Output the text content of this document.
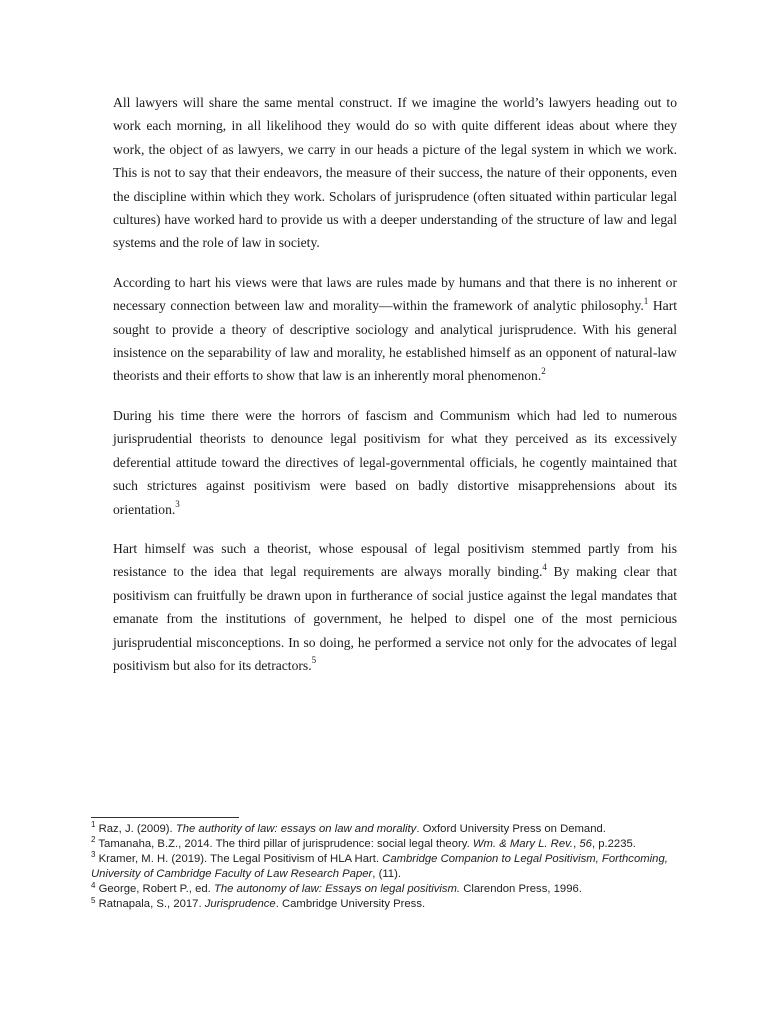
All lawyers will share the same mental construct. If we imagine the world’s lawyers heading out to work each morning, in all likelihood they would do so with quite different ideas about where they work, the object of as lawyers, we carry in our heads a picture of the legal system in which we work. This is not to say that their endeavors, the measure of their success, the nature of their opponents, even the discipline within which they work. Scholars of jurisprudence (often situated within particular legal cultures) have worked hard to provide us with a deeper understanding of the structure of law and legal systems and the role of law in society.

According to hart his views were that laws are rules made by humans and that there is no inherent or necessary connection between law and morality—within the framework of analytic philosophy.$^1$ Hart sought to provide a theory of descriptive sociology and analytical jurisprudence. With his general insistence on the separability of law and morality, he established himself as an opponent of natural-law theorists and their efforts to show that law is an inherently moral phenomenon.$^2$

During his time there were the horrors of fascism and Communism which had led to numerous jurisprudential theorists to denounce legal positivism for what they perceived as its excessively deferential attitude toward the directives of legal-governmental officials, he cogently maintained that such strictures against positivism were based on badly distortive misapprehensions about its orientation.$^3$

Hart himself was such a theorist, whose espousal of legal positivism stemmed partly from his resistance to the idea that legal requirements are always morally binding.$^4$ By making clear that positivism can fruitfully be drawn upon in furtherance of social justice against the legal mandates that emanate from the institutions of government, he helped to dispel one of the most pernicious jurisprudential misconceptions. In so doing, he performed a service not only for the advocates of legal positivism but also for its detractors.$^5$

$^1$ Raz, J. (2009). The authority of law: essays on law and morality. Oxford University Press on Demand.

$^2$ Tamanaha, B.Z., 2014. The third pillar of jurisprudence: social legal theory. Wm. & Mary L. Rev., 56, p.2235.

$^3$ Kramer, M. H. (2019). The Legal Positivism of HLA Hart. Cambridge Companion to Legal Positivism, Forthcoming, University of Cambridge Faculty of Law Research Paper, (11).

$^4$ George, Robert P., ed. The autonomy of law: Essays on legal positivism. Clarendon Press, 1996.

$^5$ Ratnapala, S., 2017. Jurisprudence. Cambridge University Press.
